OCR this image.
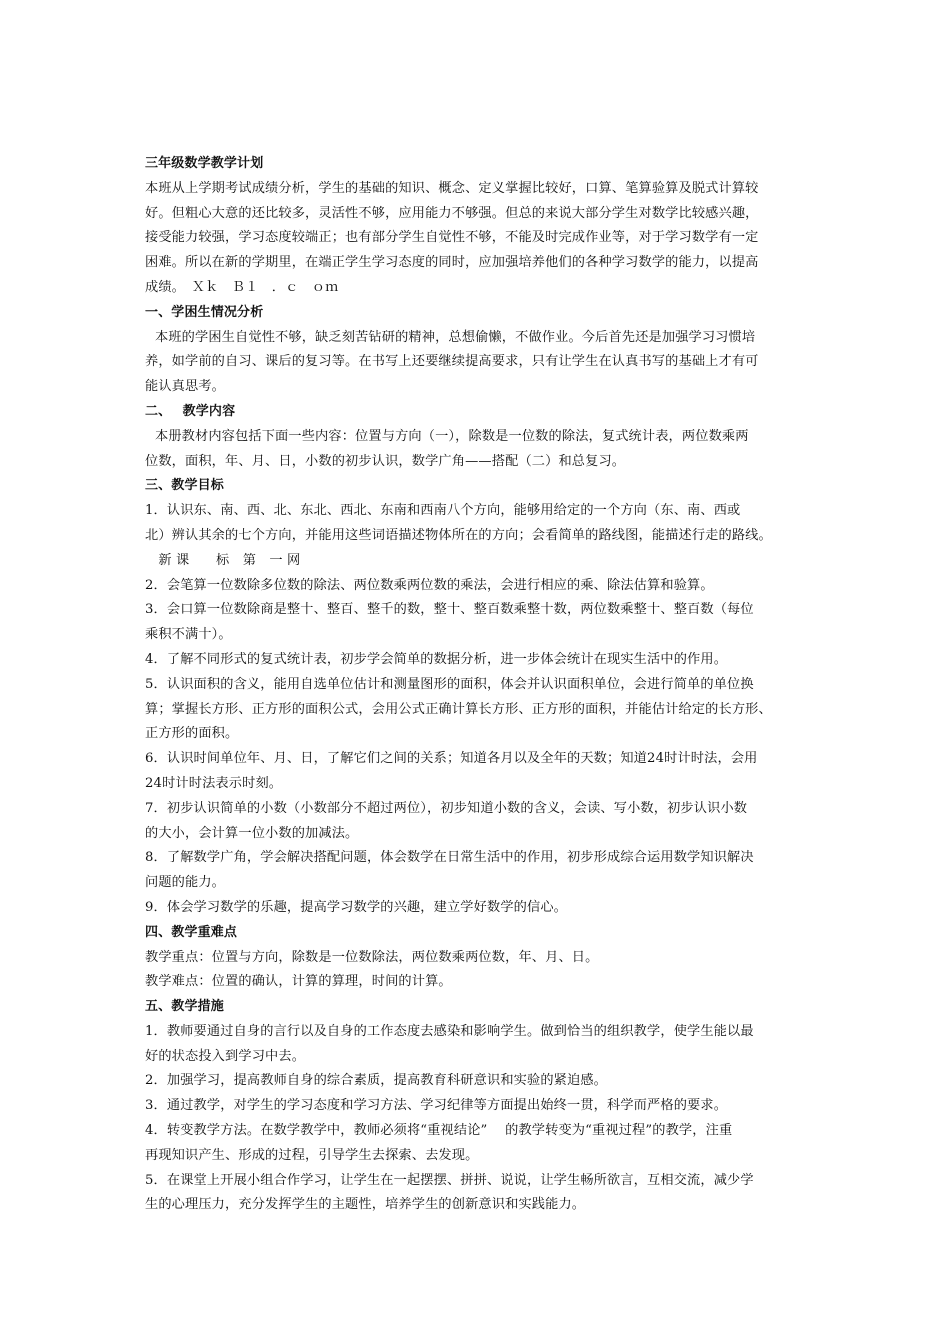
三年级数学教学计划
本班从上学期考试成绩分析，学生的基础的知识、概念、定义掌握比较好，口算、笔算验算及脱式计算较
好。但粗心大意的还比较多，灵活性不够，应用能力不够强。但总的来说大部分学生对数学比较感兴趣，
接受能力较强，学习态度较端正；也有部分学生自觉性不够，不能及时完成作业等，对于学习数学有一定
困难。所以在新的学期里，在端正学生学习态度的同时，应加强培养他们的各种学习数学的能力，以提高
成绩。　Ｘｋ　Ｂ１　．ｃ　ｏｍ
一、学困生情况分析
本班的学困生自觉性不够，缺乏刻苦钻研的精神，总想偷懒，不做作业。今后首先还是加强学习习惯培
养，如学前的自习、课后的复习等。在书写上还要继续提高要求，只有让学生在认真书写的基础上才有可
能认真思考。
二、　 教学内容
本册教材内容包括下面一些内容：位置与方向（一），除数是一位数的除法，复式统计表，两位数乘两
位数，面积，年、月、日，小数的初步认识，数学广角——搭配（二）和总复习。
三、教学目标
1．认识东、南、西、北、东北、西北、东南和西南八个方向，能够用给定的一个方向（东、南、西或
北）辨认其余的七个方向，并能用这些词语描述物体所在的方向；会看简单的路线图，能描述行走的路线。
　新 课　　标　第　一 网
2．会笔算一位数除多位数的除法、两位数乘两位数的乘法，会进行相应的乘、除法估算和验算。
3．会口算一位数除商是整十、整百、整千的数，整十、整百数乘整十数，两位数乘整十、整百数（每位
乘积不满十）。
4．了解不同形式的复式统计表，初步学会简单的数据分析，进一步体会统计在现实生活中的作用。
5．认识面积的含义，能用自选单位估计和测量图形的面积，体会并认识面积单位，会进行简单的单位换
算；掌握长方形、正方形的面积公式，会用公式正确计算长方形、正方形的面积，并能估计给定的长方形、
正方形的面积。
6．认识时间单位年、月、日，了解它们之间的关系；知道各月以及全年的天数；知道24时计时法，会用
24时计时法表示时刻。
7．初步认识简单的小数（小数部分不超过两位），初步知道小数的含义，会读、写小数，初步认识小数
的大小，会计算一位小数的加减法。
8．了解数学广角，学会解决搭配问题，体会数学在日常生活中的作用，初步形成综合运用数学知识解决
问题的能力。
9．体会学习数学的乐趣，提高学习数学的兴趣，建立学好数学的信心。
四、教学重难点
教学重点：位置与方向，除数是一位数除法，两位数乘两位数，年、月、日。
教学难点：位置的确认，计算的算理，时间的计算。
五、教学措施
1．教师要通过自身的言行以及自身的工作态度去感染和影响学生。做到恰当的组织教学，使学生能以最
好的状态投入到学习中去。
2．加强学习，提高教师自身的综合素质，提高教育科研意识和实验的紧迫感。
3．通过教学，对学生的学习态度和学习方法、学习纪律等方面提出始终一贯，科学而严格的要求。
4．转变教学方法。在数学教学中，教师必须将“重视结论”　 的教学转变为“重视过程”的教学，注重
再现知识产生、形成的过程，引导学生去探索、去发现。
5．在课堂上开展小组合作学习，让学生在一起摆摆、拼拼、说说，让学生畅所欲言，互相交流，减少学
生的心理压力，充分发挥学生的主题性，培养学生的创新意识和实践能力。
